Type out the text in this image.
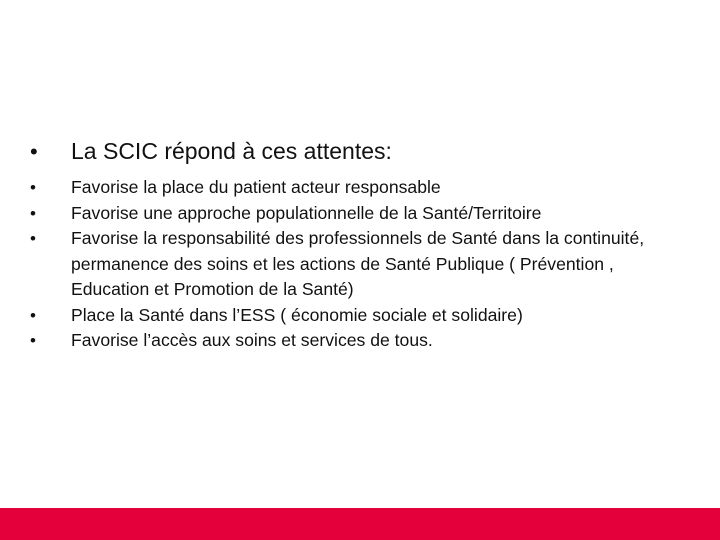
•	La SCIC répond à ces attentes:
•	Favorise la place du patient acteur responsable
•	Favorise une approche populationnelle de la Santé/Territoire
•	Favorise la responsabilité des professionnels de Santé dans la continuité, permanence des soins et les actions de Santé Publique ( Prévention , Education et Promotion de la Santé)
•	Place la Santé dans l’ESS ( économie sociale et solidaire)
•	Favorise l’accès aux soins et services de tous.
